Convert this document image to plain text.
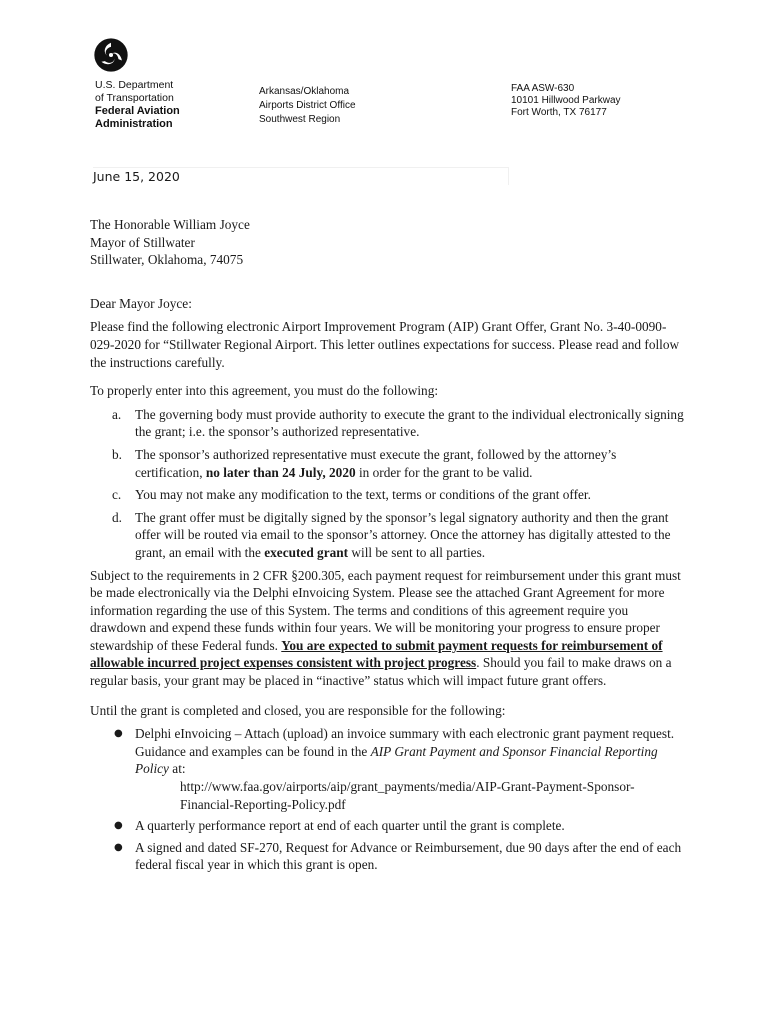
U.S. Department
of Transportation
Federal Aviation
Administration
Arkansas/Oklahoma
Airports District Office
Southwest Region
FAA ASW-630
10101 Hillwood Parkway
Fort Worth, TX 76177
June 15, 2020
The Honorable William Joyce
Mayor of Stillwater
Stillwater, Oklahoma, 74075

Dear Mayor Joyce:

Please find the following electronic Airport Improvement Program (AIP) Grant Offer, Grant No. 3-40-0090-029-2020 for “Stillwater Regional Airport. This letter outlines expectations for success. Please read and follow the instructions carefully.

To properly enter into this agreement, you must do the following:

a. The governing body must provide authority to execute the grant to the individual electronically signing the grant; i.e. the sponsor’s authorized representative.
b. The sponsor’s authorized representative must execute the grant, followed by the attorney’s certification, no later than 24 July, 2020 in order for the grant to be valid.
c. You may not make any modification to the text, terms or conditions of the grant offer.
d. The grant offer must be digitally signed by the sponsor’s legal signatory authority and then the grant offer will be routed via email to the sponsor’s attorney. Once the attorney has digitally attested to the grant, an email with the executed grant will be sent to all parties.

Subject to the requirements in 2 CFR §200.305, each payment request for reimbursement under this grant must be made electronically via the Delphi eInvoicing System. Please see the attached Grant Agreement for more information regarding the use of this System. The terms and conditions of this agreement require you drawdown and expend these funds within four years. We will be monitoring your progress to ensure proper stewardship of these Federal funds. You are expected to submit payment requests for reimbursement of allowable incurred project expenses consistent with project progress. Should you fail to make draws on a regular basis, your grant may be placed in “inactive” status which will impact future grant offers.

Until the grant is completed and closed, you are responsible for the following:

● Delphi eInvoicing – Attach (upload) an invoice summary with each electronic grant payment request. Guidance and examples can be found in the AIP Grant Payment and Sponsor Financial Reporting Policy at:
http://www.faa.gov/airports/aip/grant_payments/media/AIP-Grant-Payment-Sponsor-
Financial-Reporting-Policy.pdf
● A quarterly performance report at end of each quarter until the grant is complete.
● A signed and dated SF-270, Request for Advance or Reimbursement, due 90 days after the end of each federal fiscal year in which this grant is open.
